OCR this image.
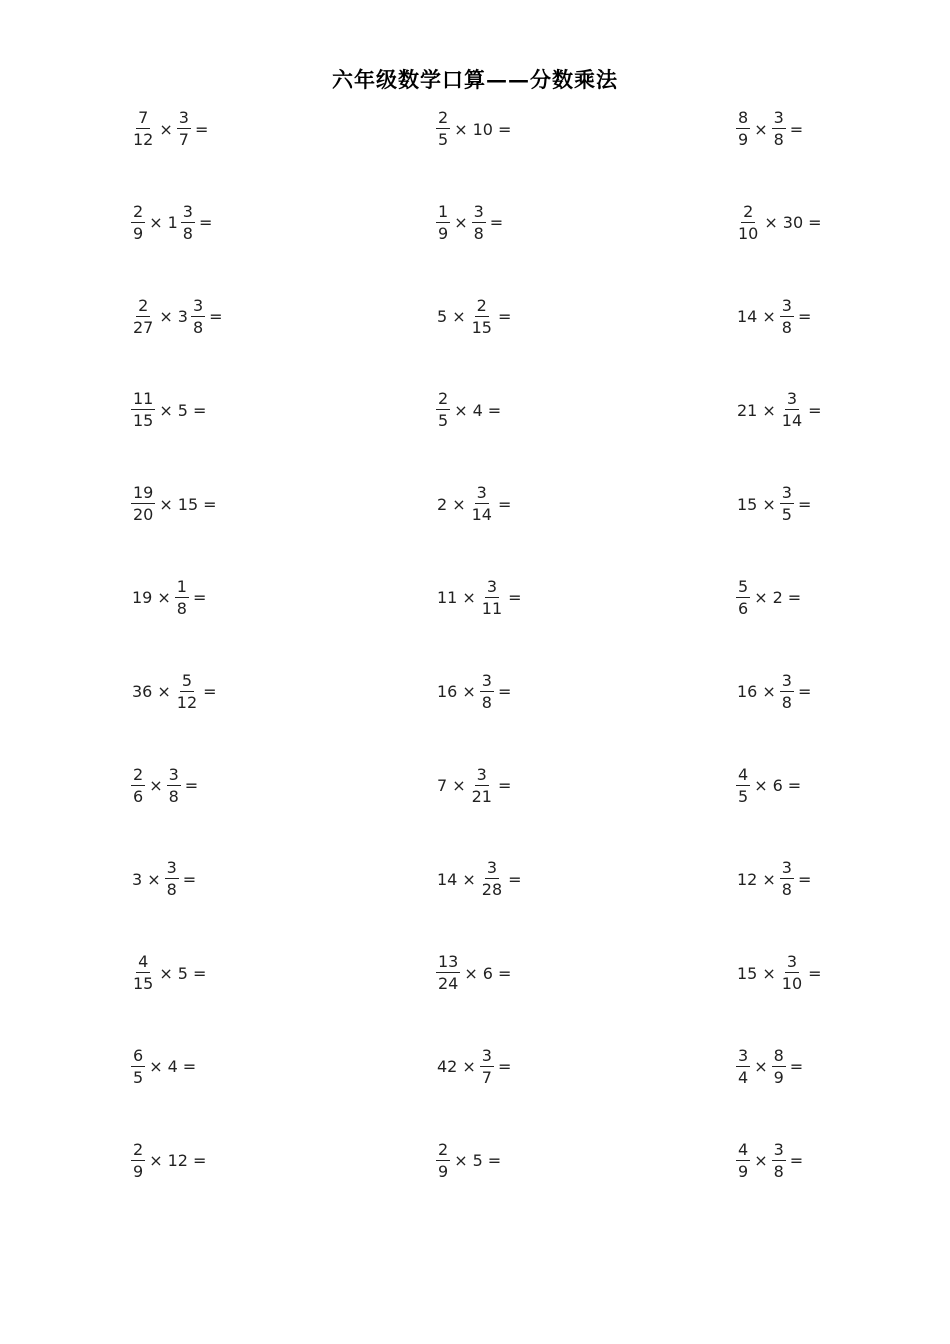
六年级数学口算——分数乘法
$\frac{7}{12} \times \frac{3}{7}$ =	$\frac{2}{5} \times 10$ =	$\frac{8}{9} \times \frac{3}{8}$ =
$\frac{2}{9} \times 1 \frac{3}{8}$ =	$\frac{1}{9} \times \frac{3}{8}$ =	$\frac{2}{10} \times 30$ =
$\frac{2}{27} \times 3 \frac{3}{8}$ =	$5 \times \frac{2}{15}$ =	$14 \times \frac{3}{8}$ =
$\frac{11}{15} \times 5$ =	$\frac{2}{5} \times 4$ =	$21 \times \frac{3}{14}$ =
$\frac{19}{20} \times 15$ =	$2 \times \frac{3}{14}$ =	$15 \times \frac{3}{5}$ =
$19 \times \frac{1}{8}$ =	$11 \times \frac{3}{11}$ =	$\frac{5}{6} \times 2$ =
$36 \times \frac{5}{12}$ =	$16 \times \frac{3}{8}$ =	$16 \times \frac{3}{8}$ =
$\frac{2}{6} \times \frac{3}{8}$ =	$7 \times \frac{3}{21}$ =	$\frac{4}{5} \times 6$ =
$3 \times \frac{3}{8}$ =	$14 \times \frac{3}{28}$ =	$12 \times \frac{3}{8}$ =
$\frac{4}{15} \times 5$ =	$\frac{13}{24} \times 6$ =	$15 \times \frac{3}{10}$ =
$\frac{6}{5} \times 4$ =	$42 \times \frac{3}{7}$ =	$\frac{3}{4} \times \frac{8}{9}$ =
$\frac{2}{9} \times 12$ =	$\frac{2}{9} \times 5$ =	$\frac{4}{9} \times \frac{3}{8}$ =
